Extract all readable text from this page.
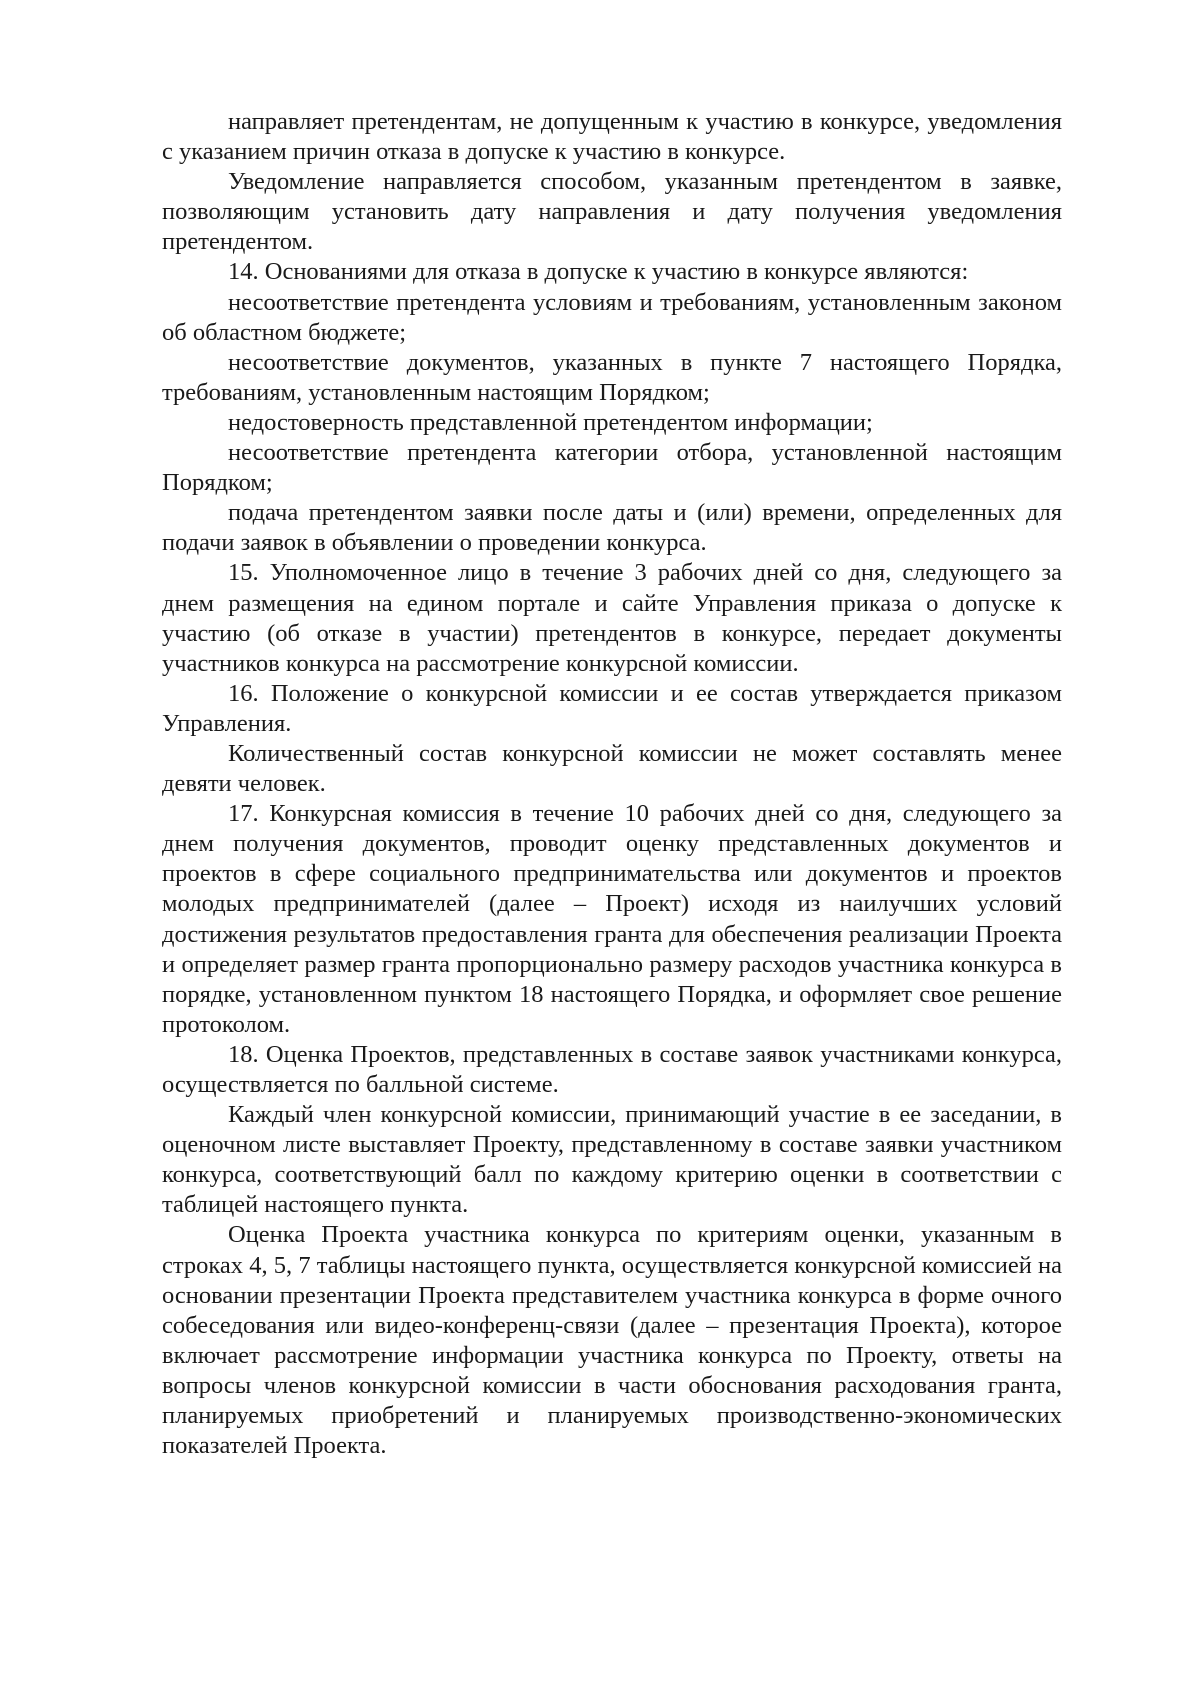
направляет претендентам, не допущенным к участию в конкурсе, уведомления с указанием причин отказа в допуске к участию в конкурсе.

Уведомление направляется способом, указанным претендентом в заявке, позволяющим установить дату направления и дату получения уведомления претендентом.

14. Основаниями для отказа в допуске к участию в конкурсе являются:

несоответствие претендента условиям и требованиям, установленным законом об областном бюджете;

несоответствие документов, указанных в пункте 7 настоящего Порядка, требованиям, установленным настоящим Порядком;

недостоверность представленной претендентом информации;

несоответствие претендента категории отбора, установленной настоящим Порядком;

подача претендентом заявки после даты и (или) времени, определенных для подачи заявок в объявлении о проведении конкурса.

15. Уполномоченное лицо в течение 3 рабочих дней со дня, следующего за днем размещения на едином портале и сайте Управления приказа о допуске к участию (об отказе в участии) претендентов в конкурсе, передает документы участников конкурса на рассмотрение конкурсной комиссии.

16. Положение о конкурсной комиссии и ее состав утверждается приказом Управления.

Количественный состав конкурсной комиссии не может составлять менее девяти человек.

17. Конкурсная комиссия в течение 10 рабочих дней со дня, следующего за днем получения документов, проводит оценку представленных документов и проектов в сфере социального предпринимательства или документов и проектов молодых предпринимателей (далее – Проект) исходя из наилучших условий достижения результатов предоставления гранта для обеспечения реализации Проекта и определяет размер гранта пропорционально размеру расходов участника конкурса в порядке, установленном пунктом 18 настоящего Порядка, и оформляет свое решение протоколом.

18. Оценка Проектов, представленных в составе заявок участниками конкурса, осуществляется по балльной системе.

Каждый член конкурсной комиссии, принимающий участие в ее заседании, в оценочном листе выставляет Проекту, представленному в составе заявки участником конкурса, соответствующий балл по каждому критерию оценки в соответствии с таблицей настоящего пункта.

Оценка Проекта участника конкурса по критериям оценки, указанным в строках 4, 5, 7 таблицы настоящего пункта, осуществляется конкурсной комиссией на основании презентации Проекта представителем участника конкурса в форме очного собеседования или видео-конференц-связи (далее – презентация Проекта), которое включает рассмотрение информации участника конкурса по Проекту, ответы на вопросы членов конкурсной комиссии в части обоснования расходования гранта, планируемых приобретений и планируемых производственно-экономических показателей Проекта.
